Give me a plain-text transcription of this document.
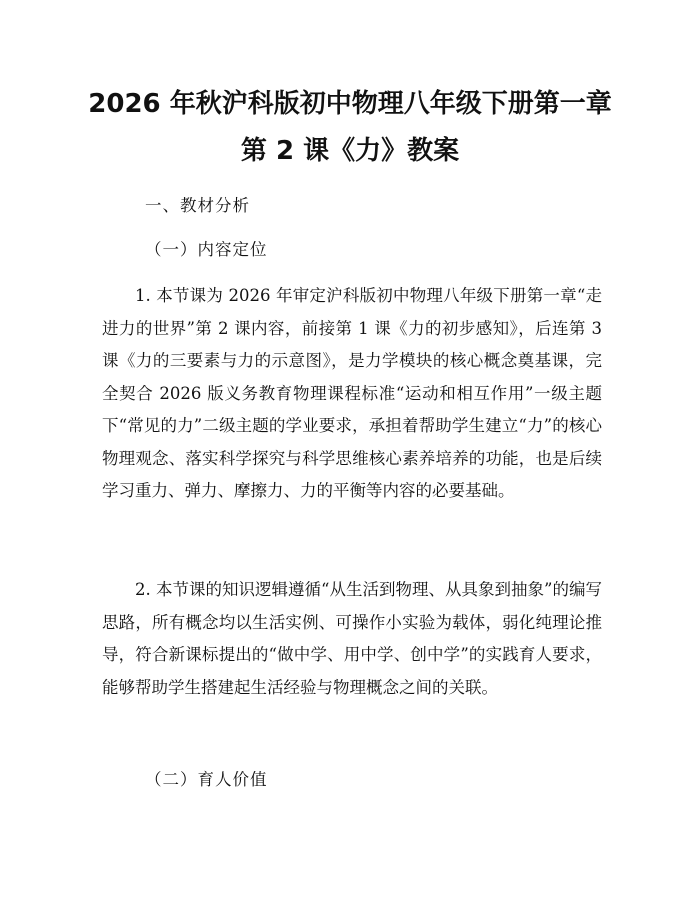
2026 年秋沪科版初中物理八年级下册第一章
第 2 课《力》教案
一、教材分析
（一）内容定位
1. 本节课为 2026 年审定沪科版初中物理八年级下册第一章“走进力的世界”第 2 课内容，前接第 1 课《力的初步感知》，后连第 3 课《力的三要素与力的示意图》，是力学模块的核心概念奠基课，完全契合 2026 版义务教育物理课程标准“运动和相互作用”一级主题下“常见的力”二级主题的学业要求，承担着帮助学生建立“力”的核心物理观念、落实科学探究与科学思维核心素养培养的功能，也是后续学习重力、弹力、摩擦力、力的平衡等内容的必要基础。
2. 本节课的知识逻辑遵循“从生活到物理、从具象到抽象”的编写思路，所有概念均以生活实例、可操作小实验为载体，弱化纯理论推导，符合新课标提出的“做中学、用中学、创中学”的实践育人要求，能够帮助学生搭建起生活经验与物理概念之间的关联。
（二）育人价值
